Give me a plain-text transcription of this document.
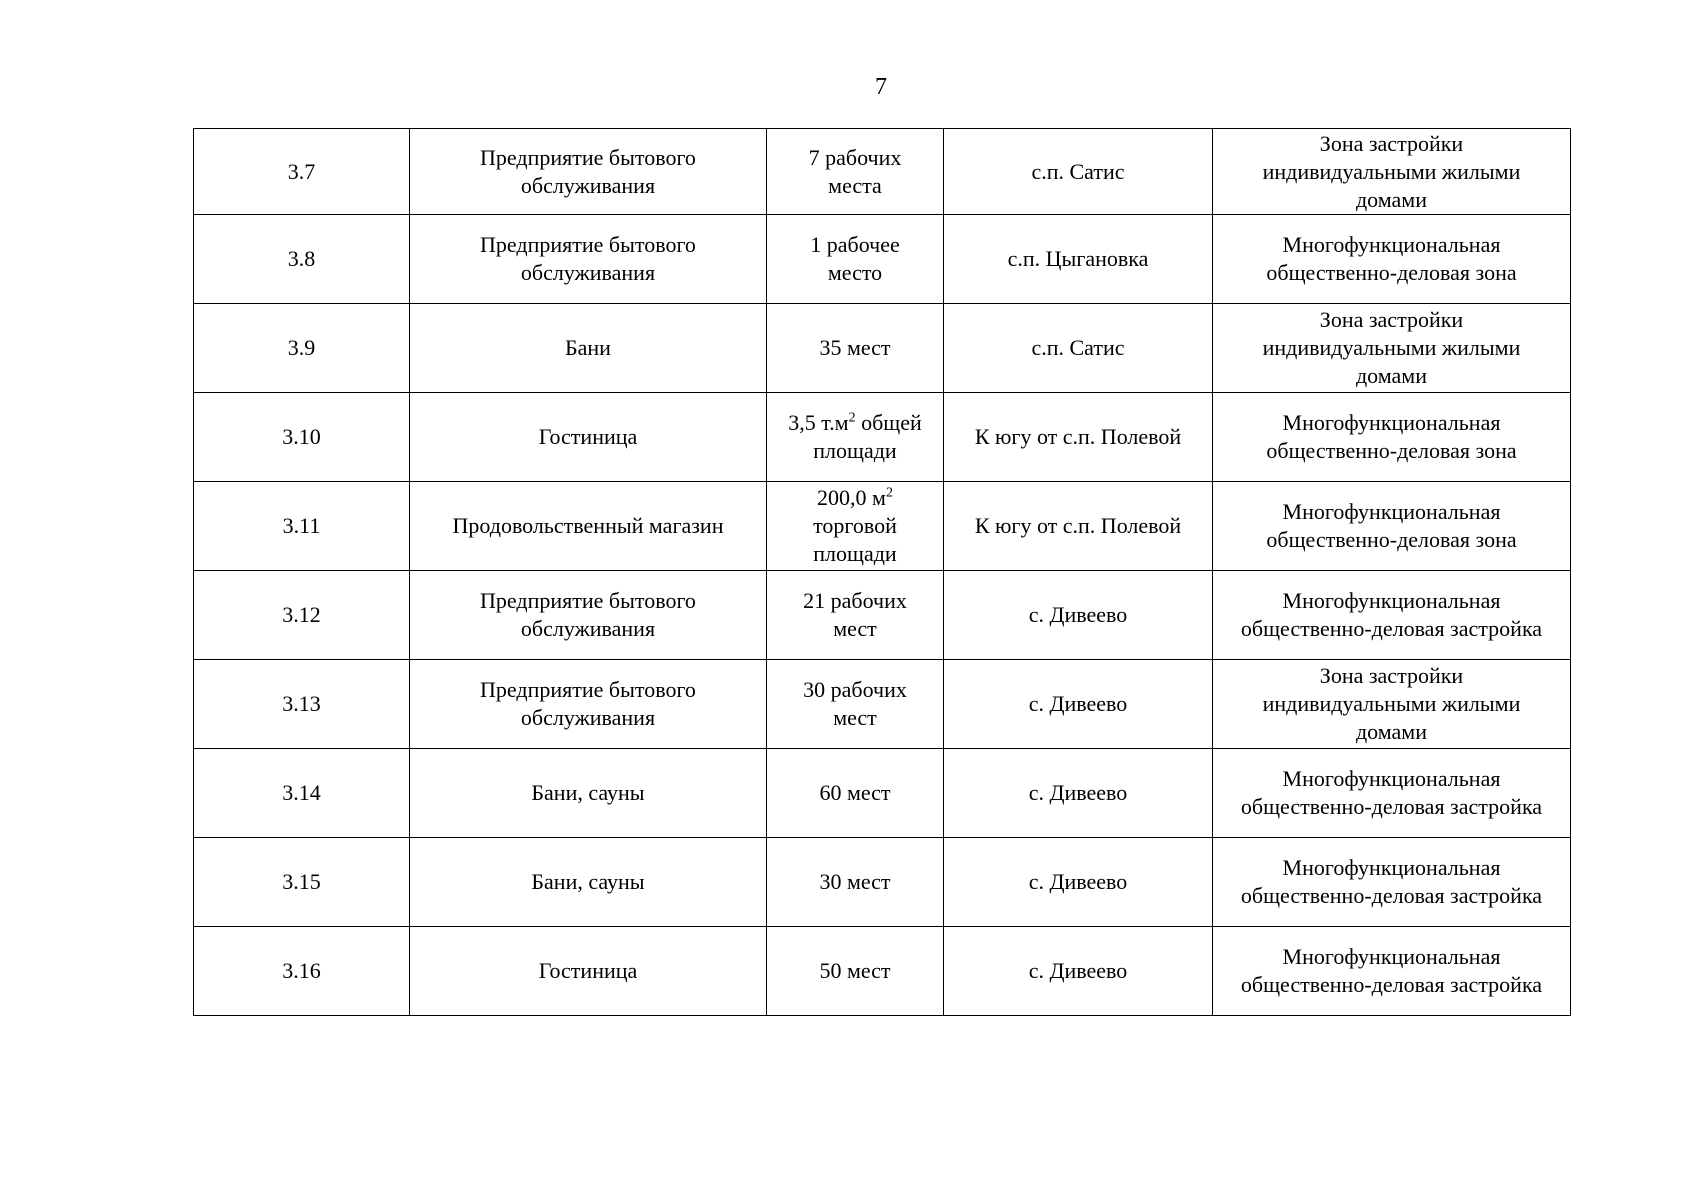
7
3.7	Предприятие бытового
обслуживания	7 рабочих
места	с.п. Сатис	Зона застройки
индивидуальными жилыми
домами
3.8	Предприятие бытового
обслуживания	1 рабочее
место	с.п. Цыгановка	Многофункциональная
общественно-деловая зона
3.9	Бани	35 мест	с.п. Сатис	Зона застройки
индивидуальными жилыми
домами
3.10	Гостиница	3,5 $т.м^2$ общей
площади	К югу от с.п. Полевой	Многофункциональная
общественно-деловая зона
3.11	Продовольственный магазин	200,0 $м^2$
торговой
площади	К югу от с.п. Полевой	Многофункциональная
общественно-деловая зона
3.12	Предприятие бытового
обслуживания	21 рабочих
мест	с. Дивеево	Многофункциональная
общественно-деловая застройка
3.13	Предприятие бытового
обслуживания	30 рабочих
мест	с. Дивеево	Зона застройки
индивидуальными жилыми
домами
3.14	Бани, сауны	60 мест	с. Дивеево	Многофункциональная
общественно-деловая застройка
3.15	Бани, сауны	30 мест	с. Дивеево	Многофункциональная
общественно-деловая застройка
3.16	Гостиница	50 мест	с. Дивеево	Многофункциональная
общественно-деловая застройка
